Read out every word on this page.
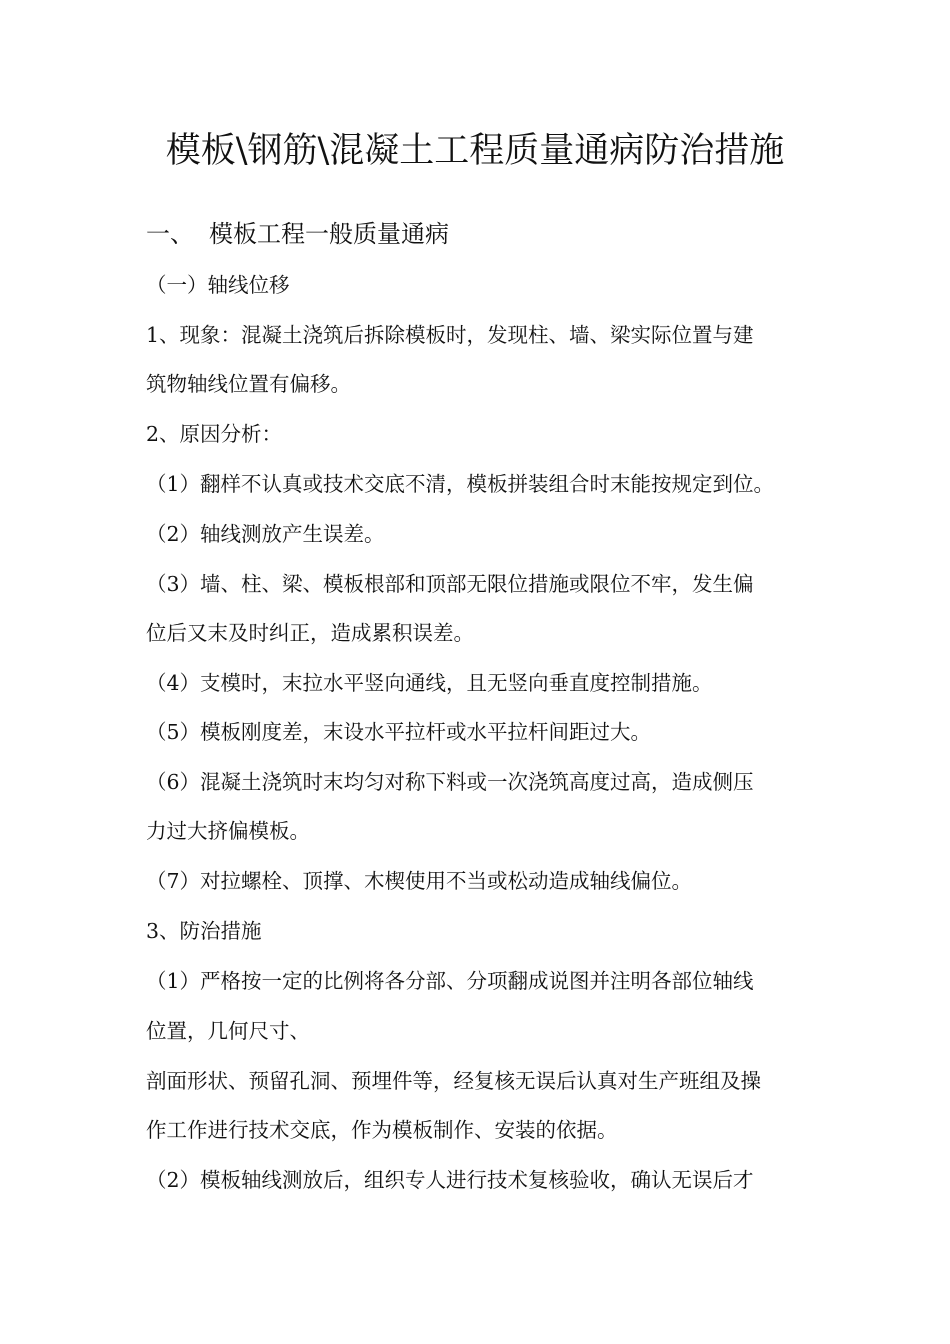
模板\钢筋\混凝土工程质量通病防治措施
一、 模板工程一般质量通病
（一）轴线位移
1、现象：混凝土浇筑后拆除模板时，发现柱、墙、梁实际位置与建
筑物轴线位置有偏移。
2、原因分析：
（1）翻样不认真或技术交底不清，模板拼装组合时末能按规定到位。
（2）轴线测放产生误差。
（3）墙、柱、梁、模板根部和顶部无限位措施或限位不牢，发生偏
位后又末及时纠正，造成累积误差。
（4）支模时，末拉水平竖向通线，且无竖向垂直度控制措施。
（5）模板刚度差，末设水平拉杆或水平拉杆间距过大。
（6）混凝土浇筑时末均匀对称下料或一次浇筑高度过高，造成侧压
力过大挤偏模板。
（7）对拉螺栓、顶撑、木楔使用不当或松动造成轴线偏位。
3、防治措施
（1）严格按一定的比例将各分部、分项翻成说图并注明各部位轴线
位置，几何尺寸、
剖面形状、预留孔洞、预埋件等，经复核无误后认真对生产班组及操
作工作进行技术交底，作为模板制作、安装的依据。
（2）模板轴线测放后，组织专人进行技术复核验收，确认无误后才
